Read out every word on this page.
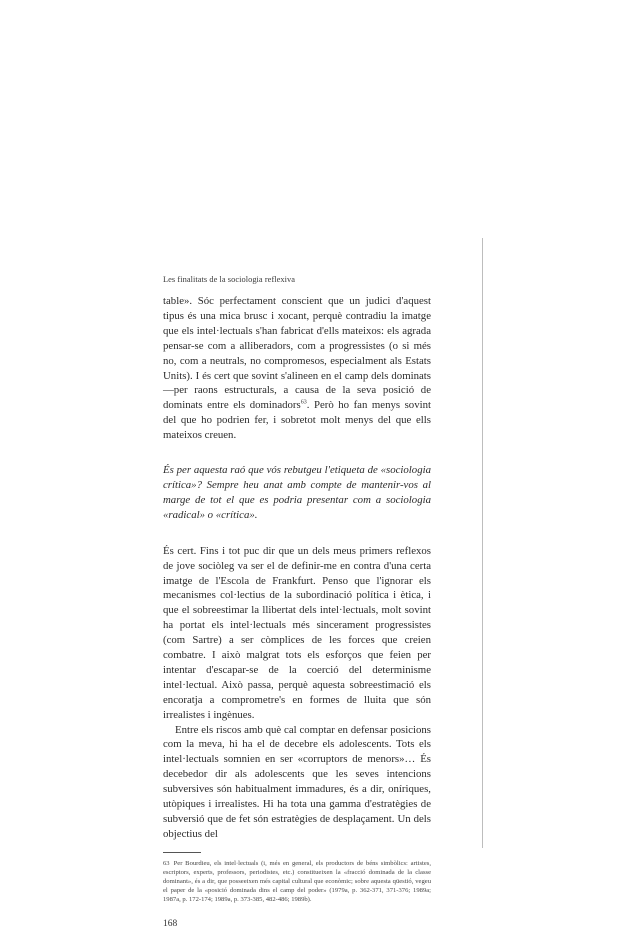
Les finalitats de la sociologia reflexiva

table». Sóc perfectament conscient que un judici d'aquest tipus és una mica brusc i xocant, perquè contradiu la imatge que els intel·lectuals s'han fabricat d'ells mateixos: els agrada pensar-se com a alliberadors, com a progressistes (o si més no, com a neutrals, no compromesos, especialment als Estats Units). I és cert que sovint s'alineen en el camp dels dominats —per raons estructurals, a causa de la seva posició de dominats entre els dominadors$^{63}$. Però ho fan menys sovint del que ho podrien fer, i sobretot molt menys del que ells mateixos creuen.

És per aquesta raó que vós rebutgeu l'etiqueta de «sociologia crítica»? Sempre heu anat amb compte de mantenir-vos al marge de tot el que es podria presentar com a sociologia «radical» o «crítica».

És cert. Fins i tot puc dir que un dels meus primers reflexos de jove sociòleg va ser el de definir-me en contra d'una certa imatge de l'Escola de Frankfurt. Penso que l'ignorar els mecanismes col·lectius de la subordinació política i ètica, i que el sobreestimar la llibertat dels intel·lectuals, molt sovint ha portat els intel·lectuals més sincerament progressistes (com Sartre) a ser còmplices de les forces que creien combatre. I això malgrat tots els esforços que feien per intentar d'escapar-se de la coerció del determinisme intel·lectual. Això passa, perquè aquesta sobreestimació els encoratja a comprometre's en formes de lluita que són irrealistes i ingènues.

Entre els riscos amb què cal comptar en defensar posicions com la meva, hi ha el de decebre els adolescents. Tots els intel·lectuals somnien en ser «corruptors de menors»… És decebedor dir als adolescents que les seves intencions subversives són habitualment immadures, és a dir, oníriques, utòpiques i irrealistes. Hi ha tota una gamma d'estratègies de subversió que de fet són estratègies de desplaçament. Un dels objectius del

63 Per Bourdieu, els intel·lectuals (i, més en general, els productors de béns simbòlics: artistes, escriptors, experts, professors, periodistes, etc.) constitueixen la «fracció dominada de la classe dominant», és a dir, que posseeixen més capital cultural que econòmic; sobre aquesta qüestió, vegeu el paper de la «posició dominada dins el camp del poder» (1979a, p. 362-371, 371-376; 1989a; 1987a, p. 172-174; 1989a, p. 373-385, 482-486; 1989b).

168
